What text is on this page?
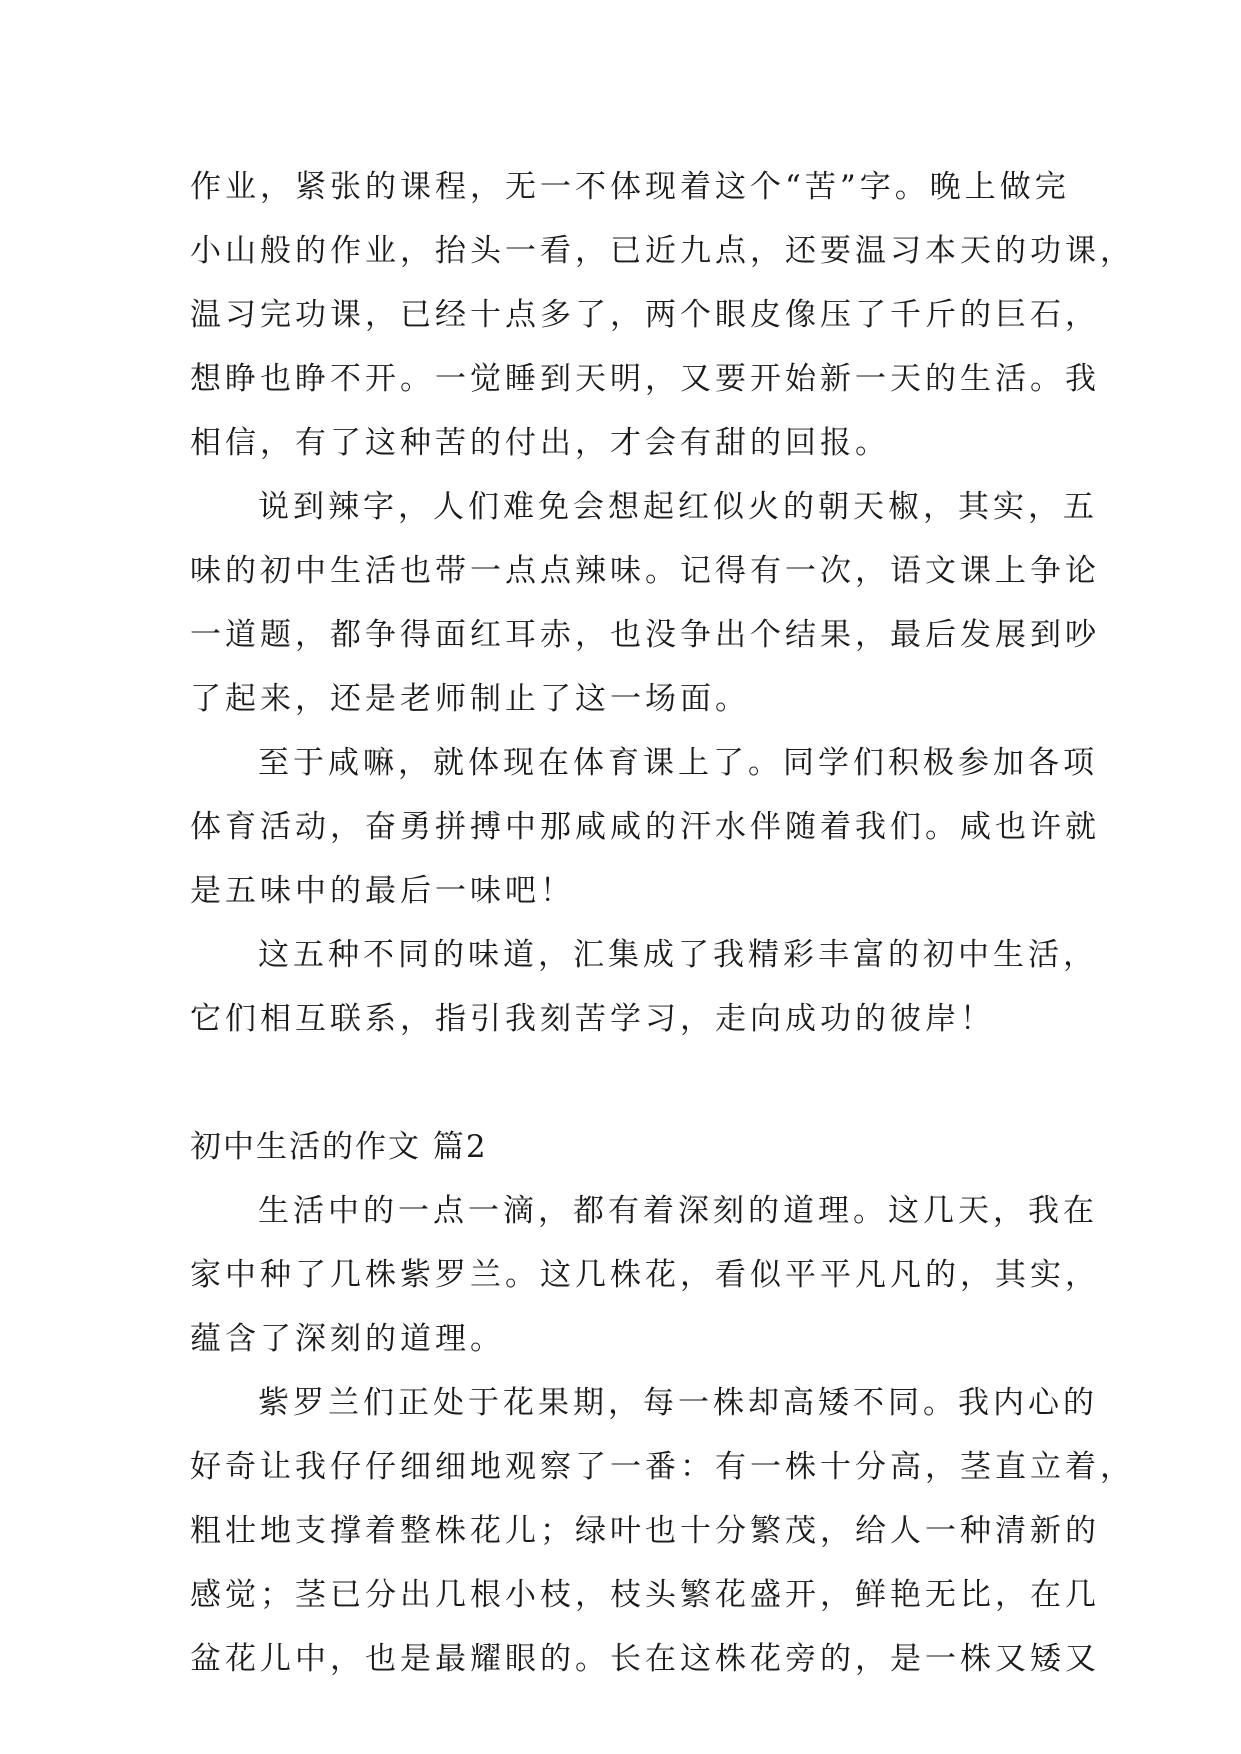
作业，紧张的课程，无一不体现着这个“苦”字。晚上做完
小山般的作业，抬头一看，已近九点，还要温习本天的功课，
温习完功课，已经十点多了，两个眼皮像压了千斤的巨石，
想睁也睁不开。一觉睡到天明，又要开始新一天的生活。我
相信，有了这种苦的付出，才会有甜的回报。
说到辣字，人们难免会想起红似火的朝天椒，其实，五
味的初中生活也带一点点辣味。记得有一次，语文课上争论
一道题，都争得面红耳赤，也没争出个结果，最后发展到吵
了起来，还是老师制止了这一场面。
至于咸嘛，就体现在体育课上了。同学们积极参加各项
体育活动，奋勇拼搏中那咸咸的汗水伴随着我们。咸也许就
是五味中的最后一味吧！
这五种不同的味道，汇集成了我精彩丰富的初中生活，
它们相互联系，指引我刻苦学习，走向成功的彼岸！
初中生活的作文 篇2
生活中的一点一滴，都有着深刻的道理。这几天，我在
家中种了几株紫罗兰。这几株花，看似平平凡凡的，其实，
蕴含了深刻的道理。
紫罗兰们正处于花果期，每一株却高矮不同。我内心的
好奇让我仔仔细细地观察了一番：有一株十分高，茎直立着，
粗壮地支撑着整株花儿；绿叶也十分繁茂，给人一种清新的
感觉；茎已分出几根小枝，枝头繁花盛开，鲜艳无比，在几
盆花儿中，也是最耀眼的。长在这株花旁的，是一株又矮又
